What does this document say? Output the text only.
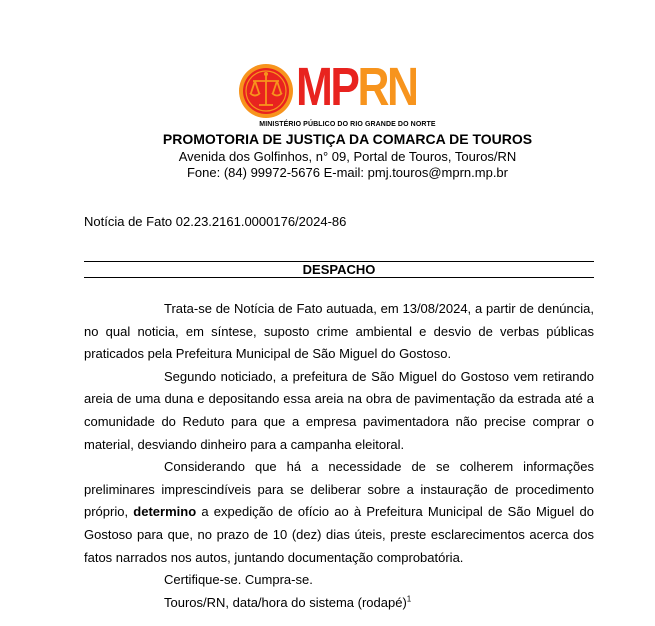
MPRN
MINISTÉRIO PÚBLICO DO RIO GRANDE DO NORTE
PROMOTORIA DE JUSTIÇA DA COMARCA DE TOUROS
Avenida dos Golfinhos, n° 09, Portal de Touros, Touros/RN
Fone: (84) 99972-5676 E-mail: pmj.touros@mprn.mp.br
Notícia de Fato 02.23.2161.0000176/2024-86
DESPACHO

Trata-se de Notícia de Fato autuada, em 13/08/2024, a partir de denúncia, no qual noticia, em síntese, suposto crime ambiental e desvio de verbas públicas praticados pela Prefeitura Municipal de São Miguel do Gostoso.

Segundo noticiado, a prefeitura de São Miguel do Gostoso vem retirando areia de uma duna e depositando essa areia na obra de pavimentação da estrada até a comunidade do Reduto para que a empresa pavimentadora não precise comprar o material, desviando dinheiro para a campanha eleitoral.

Considerando que há a necessidade de se colherem informações preliminares imprescindíveis para se deliberar sobre a instauração de procedimento próprio, determino a expedição de ofício ao à Prefeitura Municipal de São Miguel do Gostoso para que, no prazo de 10 (dez) dias úteis, preste esclarecimentos acerca dos fatos narrados nos autos, juntando documentação comprobatória.

Certifique-se. Cumpra-se.

Touros/RN, data/hora do sistema (rodapé)$^1$
